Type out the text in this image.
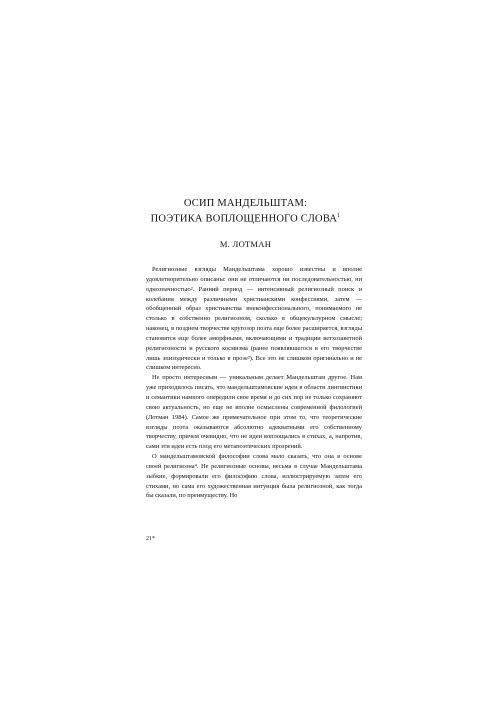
ОСИП МАНДЕЛЬШТАМ:
ПОЭТИКА ВОПЛОЩЕННОГО СЛОВА$^1$
М. ЛОТМАН

Религиозные взгляды Мандельштама хорошо известны и вполне удовлетворительно описаны: они не отличаются ни последовательностью, ни однозначностью². Ранний период — интенсивный религиозный поиск и колебания между различными христианскими конфессиями, затем — обобщенный образ христианства внеконфессионального, понимаемого не столько в собственно религиозном, сколько в общекультурном смысле; наконец, в позднем творчестве кругозор поэта еще более расширяется, взгляды становятся еще более аморфными, включающими и традиции ветхозаветной религиозности и русского космизма (ранее появлявшегося в его творчестве лишь эпизодически и только в прозе³). Все это не слишком оригинально и не слишком интересно.

Не просто интересным — уникальным делает Мандельштам другое. Нам уже приходилось писать, что мандельштамовские идеи в области лингвистики и семантики намного опередили свое время и до сих пор не только сохраняют свою актуальность, но еще не вполне осмыслены современной филологией (Лотман 1984). Самое же примечательное при этом то, что теоретические взгляды поэта оказываются абсолютно адекватными его собственному творчеству, причем очевидно, что не идеи воплощались в стихах, а, напротив, сами эти идеи есть плод его метапоэтических прозрений.

О мандельштамовской философии слова мало сказать, что она в основе своей религиозна⁴. Не религиозные основы, весьма в случае Мандельштама зыбкие, формировали его философию слова, иллюстрируемую затем его стихами, но сама его художественная интуиция была религиозной, как тогда бы сказали, по преимуществу. Но

21*
